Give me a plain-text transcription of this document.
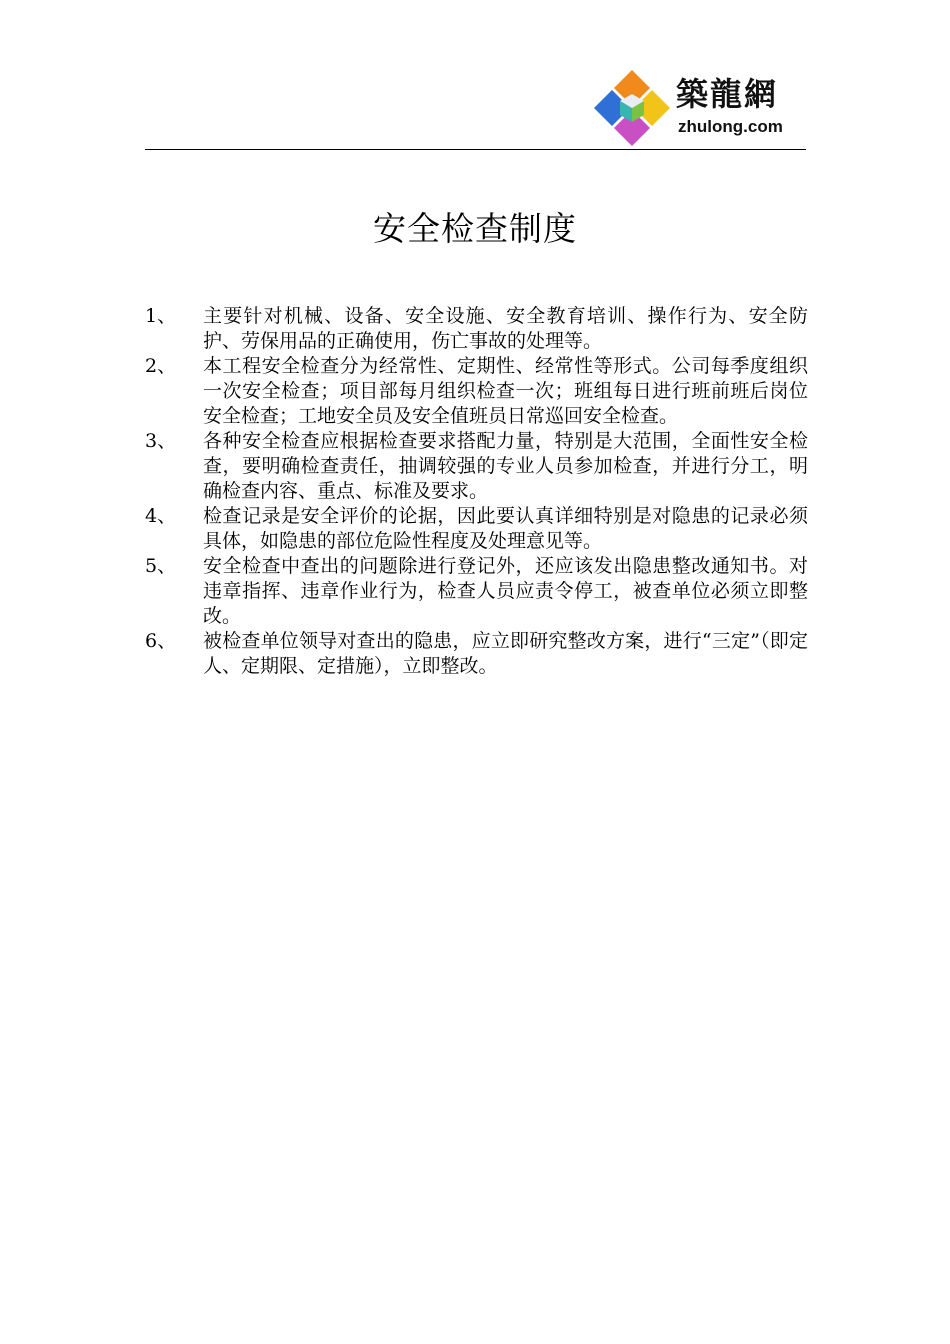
築龍網
zhulong.com
安全检查制度
1、	主要针对机械、设备、安全设施、安全教育培训、操作行为、安全防护、劳保用品的正确使用，伤亡事故的处理等。
2、	本工程安全检查分为经常性、定期性、经常性等形式。公司每季度组织一次安全检查；项目部每月组织检查一次；班组每日进行班前班后岗位安全检查；工地安全员及安全值班员日常巡回安全检查。
3、	各种安全检查应根据检查要求搭配力量，特别是大范围，全面性安全检查，要明确检查责任，抽调较强的专业人员参加检查，并进行分工，明确检查内容、重点、标准及要求。
4、	检查记录是安全评价的论据，因此要认真详细特别是对隐患的记录必须具体，如隐患的部位危险性程度及处理意见等。
5、	安全检查中查出的问题除进行登记外，还应该发出隐患整改通知书。对违章指挥、违章作业行为，检查人员应责令停工，被查单位必须立即整改。
6、	被检查单位领导对查出的隐患，应立即研究整改方案，进行“三定”（即定人、定期限、定措施），立即整改。
